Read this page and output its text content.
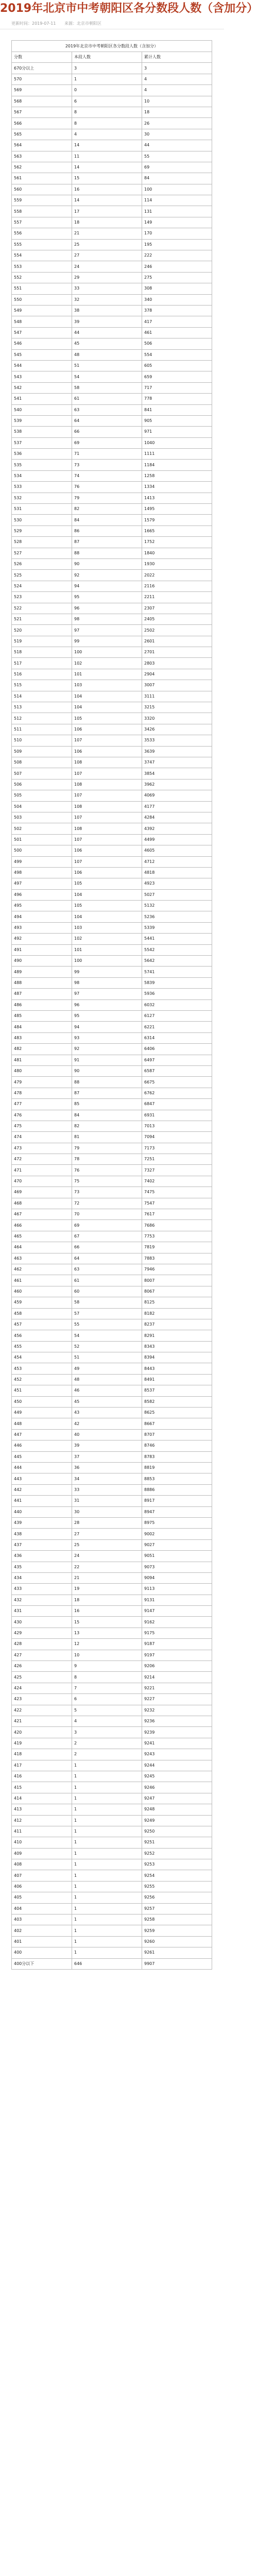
2019年北京市中考朝阳区各分数段人数（含加分）
更新时间：2019-07-11 来源：北京市朝阳区
2019年北京市中考朝阳区各分数段人数（含加分）		
分数	本段人数	累计人数
670分以上	3	3
570	1	4
569	0	4
568	6	10
567	8	18
566	8	26
565	4	30
564	14	44
563	11	55
562	14	69
561	15	84
560	16	100
559	14	114
558	17	131
557	18	149
556	21	170
555	25	195
554	27	222
553	24	246
552	29	275
551	33	308
550	32	340
549	38	378
548	39	417
547	44	461
546	45	506
545	48	554
544	51	605
543	54	659
542	58	717
541	61	778
540	63	841
539	64	905
538	66	971
537	69	1040
536	71	1111
535	73	1184
534	74	1258
533	76	1334
532	79	1413
531	82	1495
530	84	1579
529	86	1665
528	87	1752
527	88	1840
526	90	1930
525	92	2022
524	94	2116
523	95	2211
522	96	2307
521	98	2405
520	97	2502
519	99	2601
518	100	2701
517	102	2803
516	101	2904
515	103	3007
514	104	3111
513	104	3215
512	105	3320
511	106	3426
510	107	3533
509	106	3639
508	108	3747
507	107	3854
506	108	3962
505	107	4069
504	108	4177
503	107	4284
502	108	4392
501	107	4499
500	106	4605
499	107	4712
498	106	4818
497	105	4923
496	104	5027
495	105	5132
494	104	5236
493	103	5339
492	102	5441
491	101	5542
490	100	5642
489	99	5741
488	98	5839
487	97	5936
486	96	6032
485	95	6127
484	94	6221
483	93	6314
482	92	6406
481	91	6497
480	90	6587
479	88	6675
478	87	6762
477	85	6847
476	84	6931
475	82	7013
474	81	7094
473	79	7173
472	78	7251
471	76	7327
470	75	7402
469	73	7475
468	72	7547
467	70	7617
466	69	7686
465	67	7753
464	66	7819
463	64	7883
462	63	7946
461	61	8007
460	60	8067
459	58	8125
458	57	8182
457	55	8237
456	54	8291
455	52	8343
454	51	8394
453	49	8443
452	48	8491
451	46	8537
450	45	8582
449	43	8625
448	42	8667
447	40	8707
446	39	8746
445	37	8783
444	36	8819
443	34	8853
442	33	8886
441	31	8917
440	30	8947
439	28	8975
438	27	9002
437	25	9027
436	24	9051
435	22	9073
434	21	9094
433	19	9113
432	18	9131
431	16	9147
430	15	9162
429	13	9175
428	12	9187
427	10	9197
426	9	9206
425	8	9214
424	7	9221
423	6	9227
422	5	9232
421	4	9236
420	3	9239
419	2	9241
418	2	9243
417	1	9244
416	1	9245
415	1	9246
414	1	9247
413	1	9248
412	1	9249
411	1	9250
410	1	9251
409	1	9252
408	1	9253
407	1	9254
406	1	9255
405	1	9256
404	1	9257
403	1	9258
402	1	9259
401	1	9260
400	1	9261
400分以下	646	9907
